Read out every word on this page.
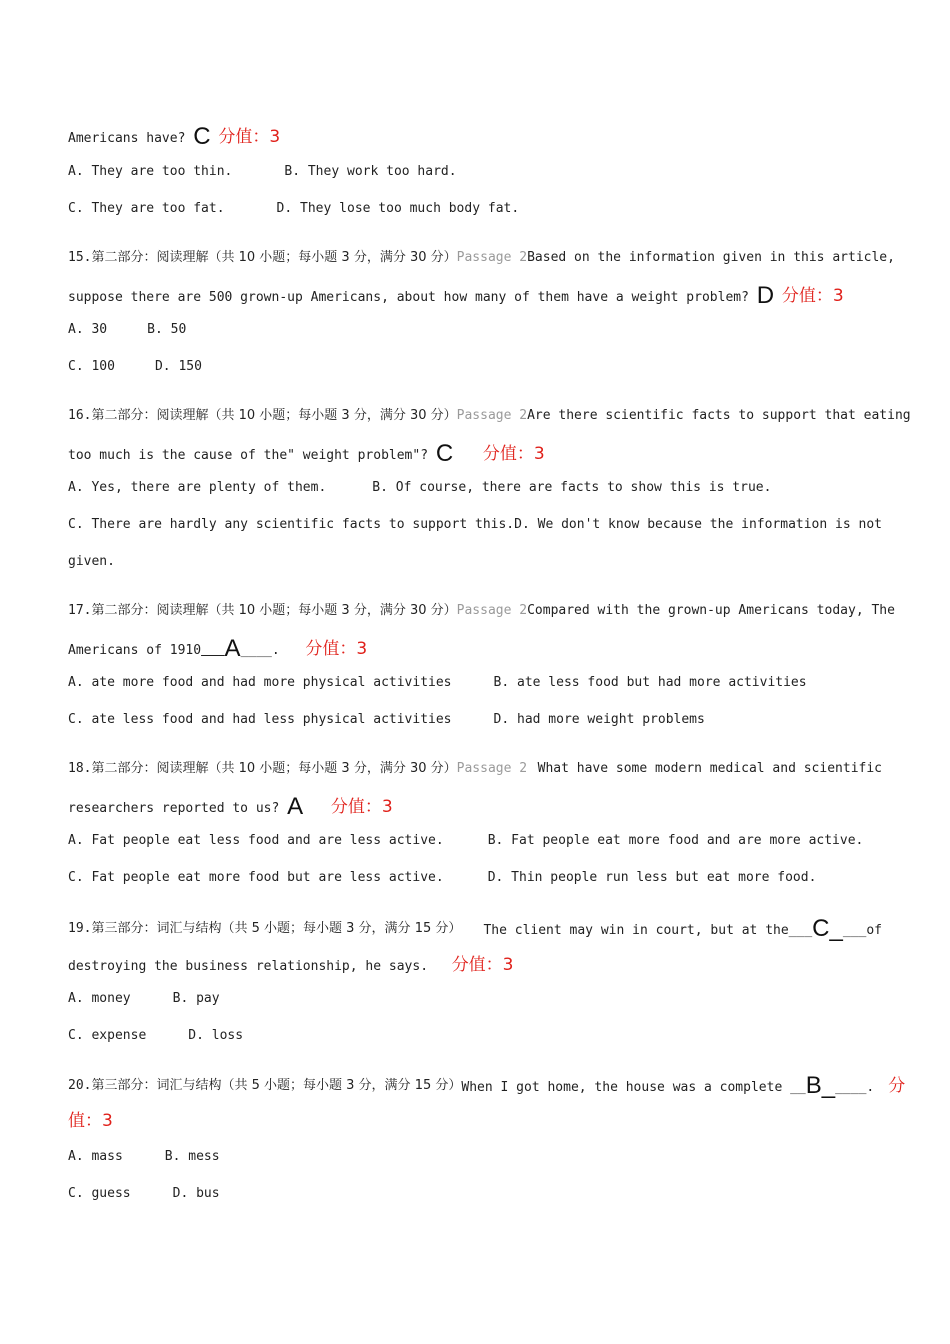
Americans have? C 分值：3
A. They are too thin.	B. They work too hard.
C. They are too fat.	D. They lose too much body fat.
15.第二部分：阅读理解（共 10 小题；每小题 3 分，满分 30 分）Passage 2 Based on the information given in this article,
suppose there are 500 grown-up Americans, about how many of them have a weight problem? D 分值：3
A. 30	B. 50
C. 100	D. 150
16.第二部分：阅读理解（共 10 小题；每小题 3 分，满分 30 分）Passage 2 Are there scientific facts to support that eating
too much is the cause of the" weight problem"? C 分值：3
A. Yes, there are plenty of them.	B. Of course, there are facts to show this is true.
C. There are hardly any scientific facts to support this. D. We don't know because the information is not
given.
17.第二部分：阅读理解（共 10 小题；每小题 3 分，满分 30 分）Passage 2 Compared with the grown-up Americans today, The
Americans of 1910 A____. 分值：3
A. ate more food and had more physical activities	B. ate less food but had more activities
C. ate less food and had less physical activities	D. had more weight problems
18.第二部分：阅读理解（共 10 小题；每小题 3 分，满分 30 分）Passage 2 What have some modern medical and scientific
researchers reported to us? A 分值：3
A. Fat people eat less food and are less active.	B. Fat people eat more food and are more active.
C. Fat people eat more food but are less active.	D. Thin people run less but eat more food.
19.第三部分：词汇与结构（共 5 小题；每小题 3 分，满分 15 分） The client may win in court, but at the___C____of
destroying the business relationship, he says. 分值：3
A. money	B. pay
C. expense	D. loss
20.第三部分：词汇与结构（共 5 小题；每小题 3 分，满分 15 分） When I got home, the house was a complete __B_____. 分
值：3
A. mass	B. mess
C. guess	D. bus
